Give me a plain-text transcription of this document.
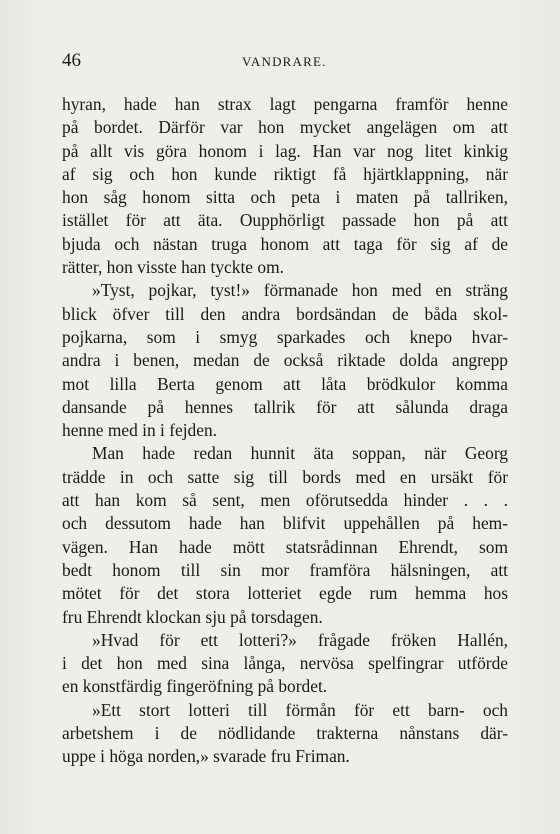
46	VANDRARE.
hyran, hade han strax lagt pengarna framför henne
på bordet. Därför var hon mycket angelägen om att
på allt vis göra honom i lag. Han var nog litet kinkig
af sig och hon kunde riktigt få hjärtklappning, när
hon såg honom sitta och peta i maten på tallriken,
istället för att äta. Oupphörligt passade hon på att
bjuda och nästan truga honom att taga för sig af de
rätter, hon visste han tyckte om.
»Tyst, pojkar, tyst!» förmanade hon med en sträng
blick öfver till den andra bordsändan de båda skol-
pojkarna, som i smyg sparkades och knepo hvar-
andra i benen, medan de också riktade dolda angrepp
mot lilla Berta genom att låta brödkulor komma
dansande på hennes tallrik för att sålunda draga
henne med in i fejden.
Man hade redan hunnit äta soppan, när Georg
trädde in och satte sig till bords med en ursäkt för
att han kom så sent, men oförutsedda hinder . . .
och dessutom hade han blifvit uppehållen på hem-
vägen. Han hade mött statsrådinnan Ehrendt, som
bedt honom till sin mor framföra hälsningen, att
mötet för det stora lotteriet egde rum hemma hos
fru Ehrendt klockan sju på torsdagen.
»Hvad för ett lotteri?» frågade fröken Hallén,
i det hon med sina långa, nervösa spelfingrar utförde
en konstfärdig fingeröfning på bordet.
»Ett stort lotteri till förmån för ett barn- och
arbetshem i de nödlidande trakterna nånstans där-
uppe i höga norden,» svarade fru Friman.
